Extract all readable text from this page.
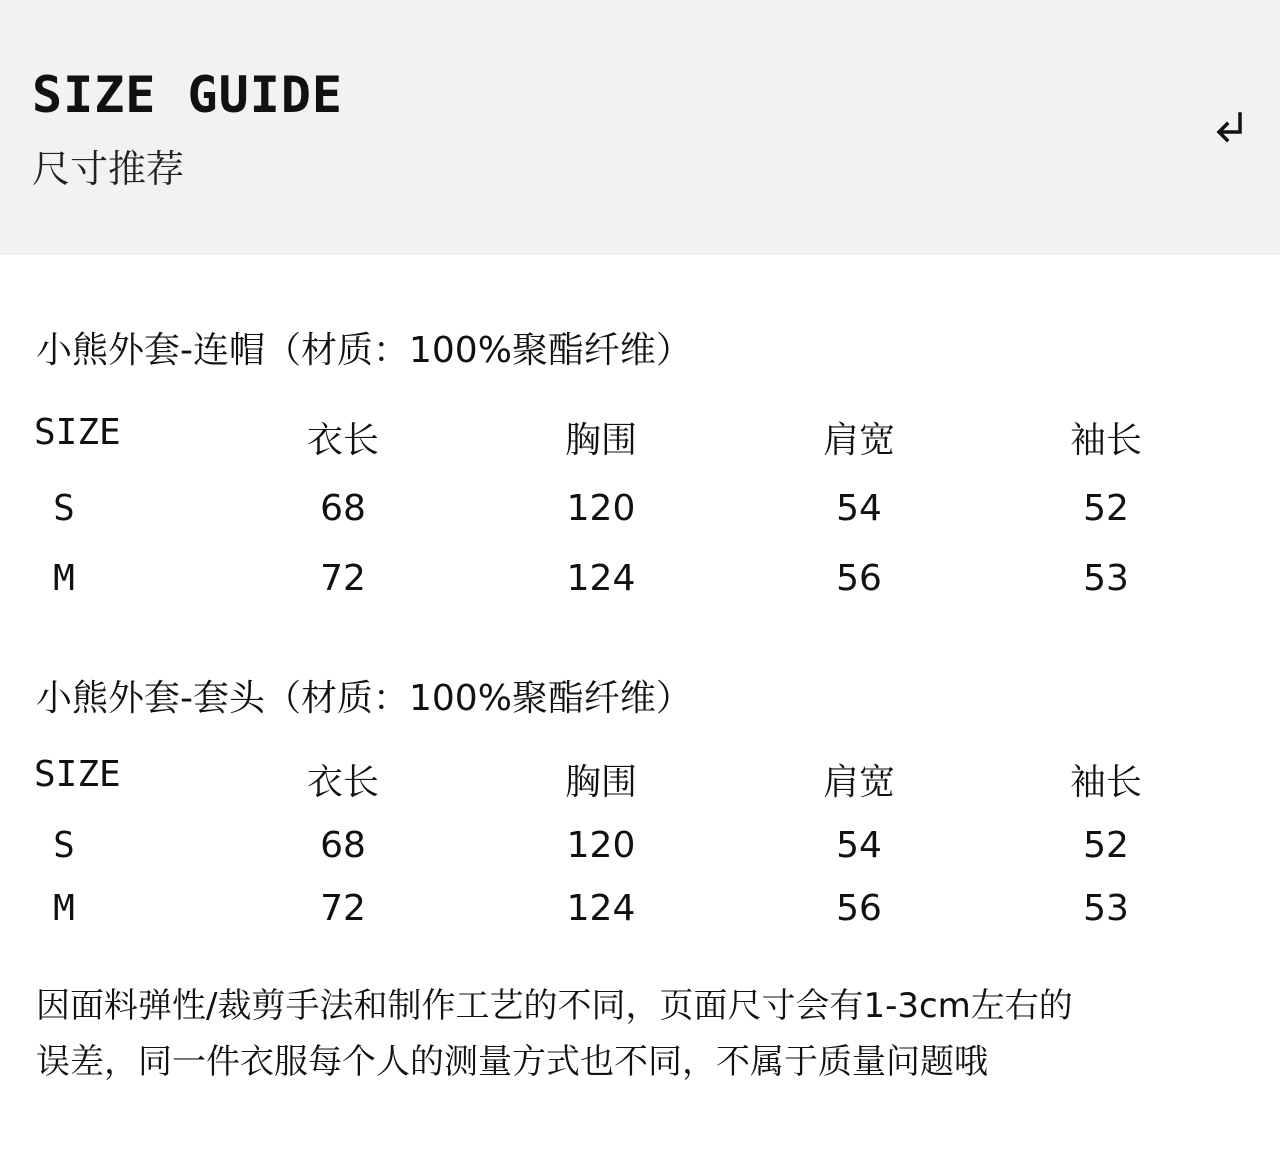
SIZE GUIDE
尺寸推荐
小熊外套-连帽（材质：100%聚酯纤维）
SIZE	衣长	胸围	肩宽	袖长
S	68	120	54	52
M	72	124	56	53
小熊外套-套头（材质：100%聚酯纤维）
SIZE	衣长	胸围	肩宽	袖长
S	68	120	54	52
M	72	124	56	53

因面料弹性/裁剪手法和制作工艺的不同，页面尺寸会有1-3cm左右的

误差，同一件衣服每个人的测量方式也不同，不属于质量问题哦
